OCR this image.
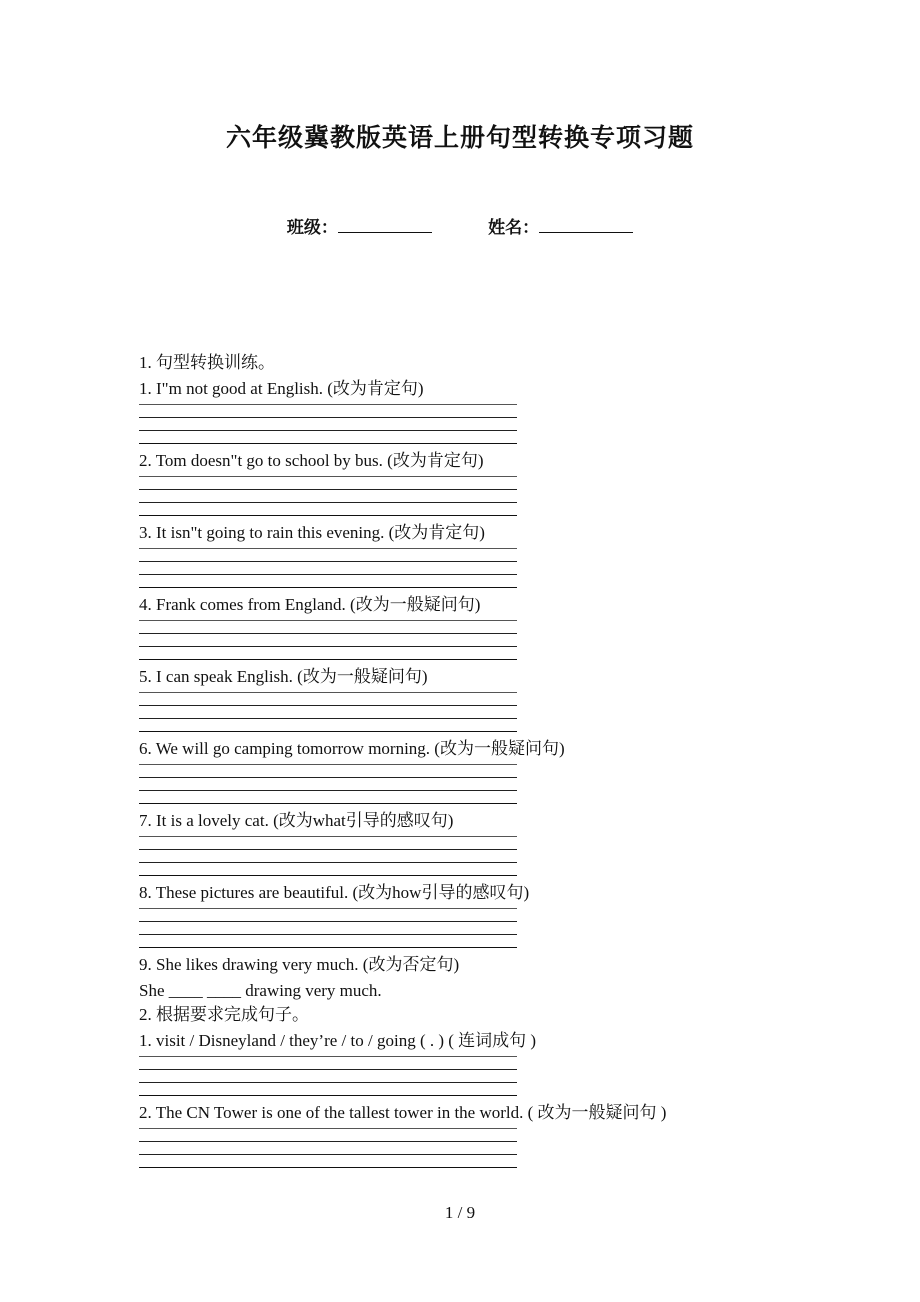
六年级冀教版英语上册句型转换专项习题
班级：	姓名：
1. 句型转换训练。
1. I"m not good at English. (改为肯定句)
2. Tom doesn"t go to school by bus. (改为肯定句)
3. It isn"t going to rain this evening. (改为肯定句)
4. Frank comes from England. (改为一般疑问句)
5. I can speak English. (改为一般疑问句)
6. We will go camping tomorrow morning. (改为一般疑问句)
7. It is a lovely cat. (改为what引导的感叹句)
8. These pictures are beautiful. (改为how引导的感叹句)
9. She likes drawing very much. (改为否定句)
She ____ ____ drawing very much.
2. 根据要求完成句子。
1. visit / Disneyland / they’re / to / going ( . ) ( 连词成句 )
2. The CN Tower is one of the tallest tower in the world. ( 改为一般疑问句 )
1 / 9
